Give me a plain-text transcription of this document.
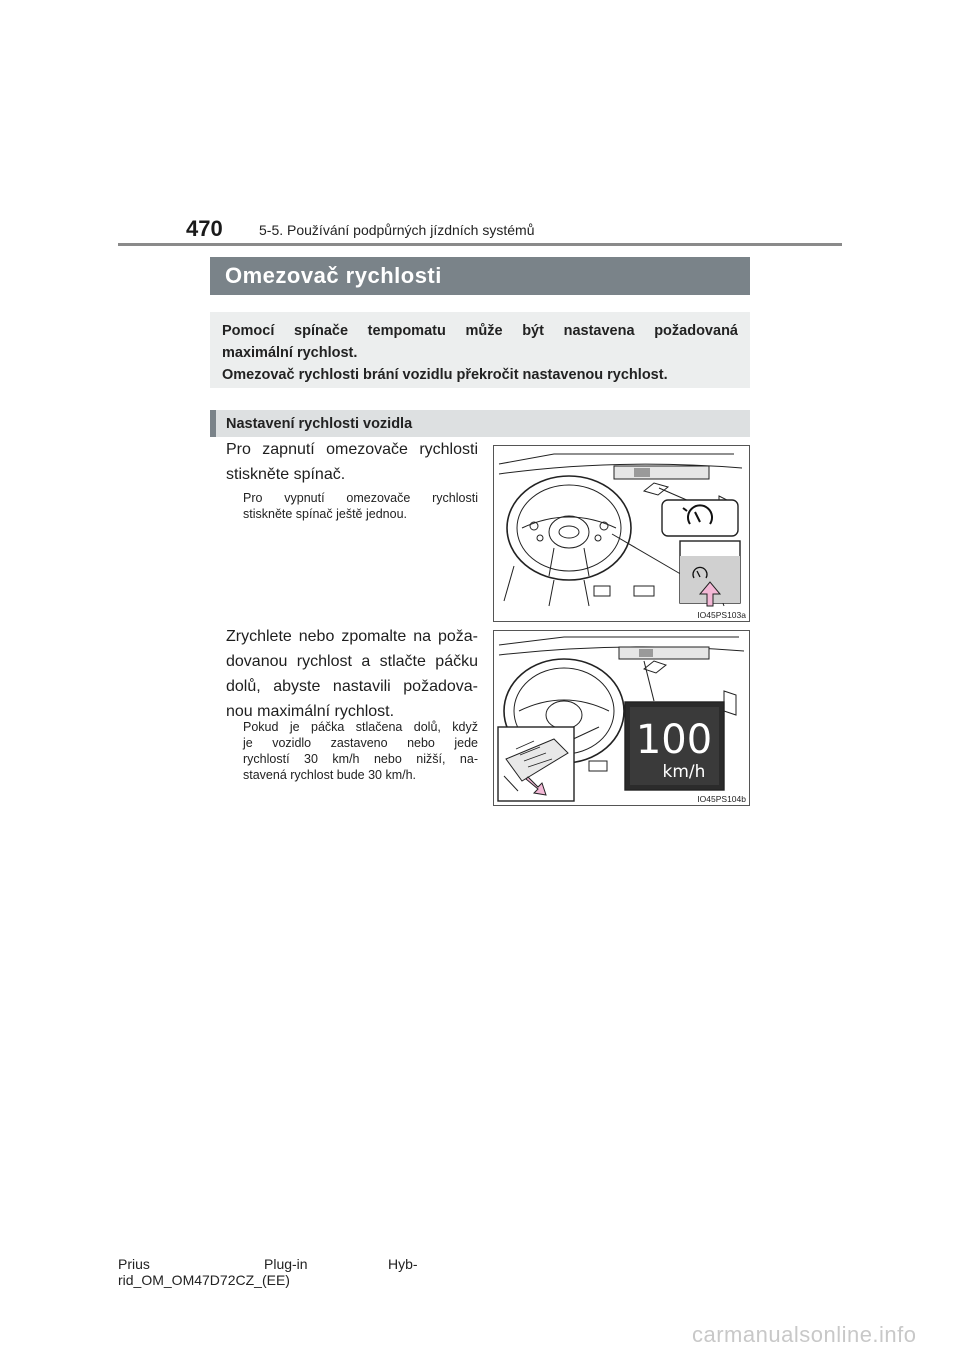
470	5-5. Používání podpůrných jízdních systémů
Omezovač rychlosti

Pomocí spínače tempomatu může být nastavena požadovaná

maximální rychlost.

Omezovač rychlosti brání vozidlu překročit nastavenou rychlost.

Nastavení rychlosti vozidla
Pro zapnutí omezovače rychlosti
stiskněte spínač.
Pro vypnutí omezovače rychlosti
stiskněte spínač ještě jednou.
IO45PS103a
Zrychlete nebo zpomalte na poža-
dovanou rychlost a stlačte páčku
dolů, abyste nastavili požadova-
nou maximální rychlost.
Pokud je páčka stlačena dolů, když
je vozidlo zastaveno nebo jede
rychlostí 30 km/h nebo nižší, na-
stavená rychlost bude 30 km/h.
100
km/h
IO45PS104b
Prius	Plug-in	Hyb-
rid_OM_OM47D72CZ_(EE)
carmanualsonline.info
